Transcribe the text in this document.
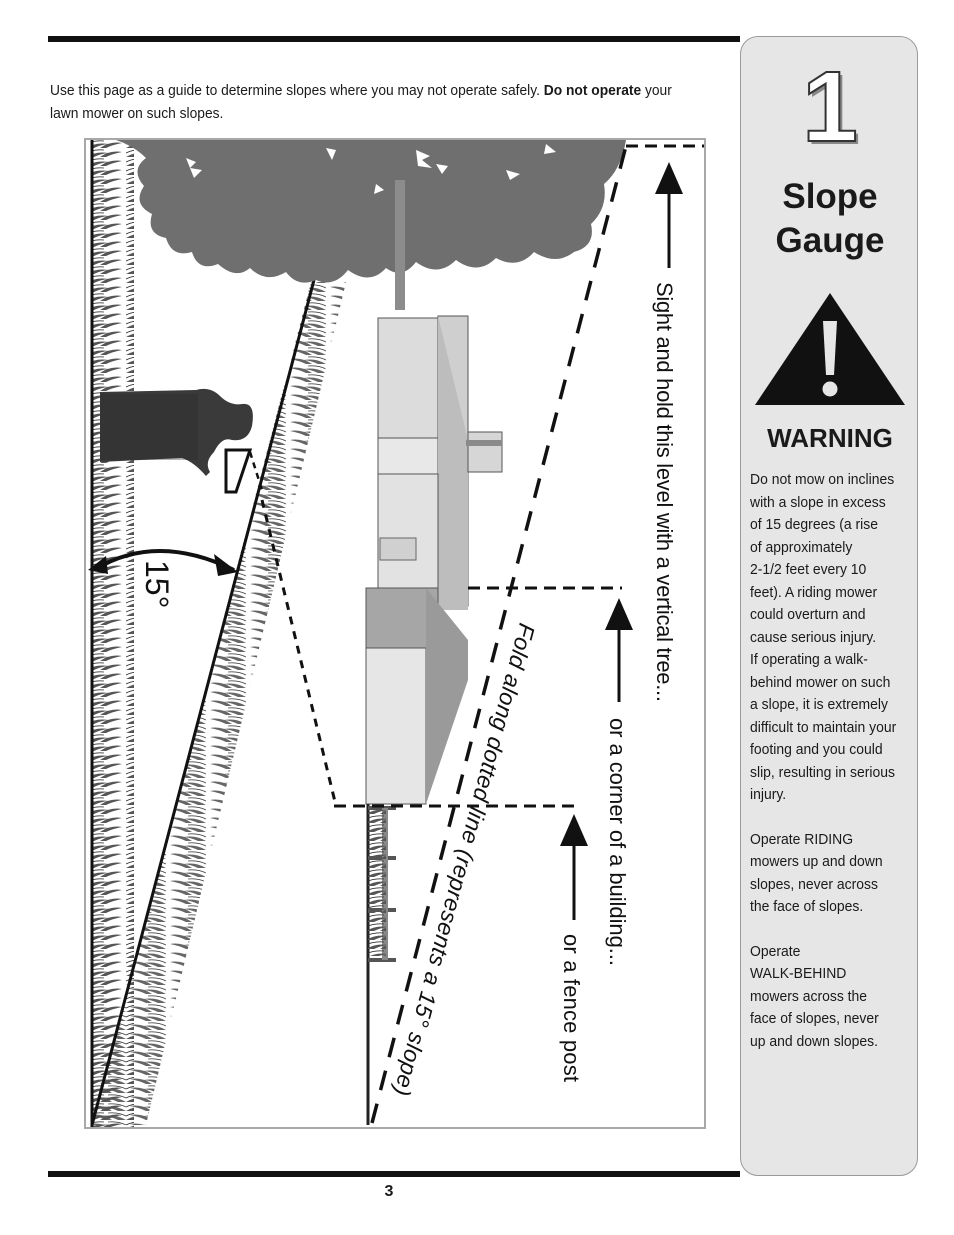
Use this page as a guide to determine slopes where you may not operate safely. Do not operate your lawn mower on such slopes.
15°
Sight and hold this level with a vertical tree...
or a corner of a building...
or a fence post
Fold along dotted line (represents a 15° slope)
1
Slope
Gauge
WARNING

Do not mow on inclines
with a slope in excess
of 15 degrees (a rise
of approximately
2-1/2 feet every 10
feet). A riding mower
could overturn and
cause serious injury.
If operating a walk-
behind mower on such
a slope, it is extremely
difficult to maintain your
footing and you could
slip, resulting in serious
injury.

Operate RIDING
mowers up and down
slopes, never across
the face of slopes.

Operate
WALK-BEHIND
mowers across the
face of slopes, never
up and down slopes.

3
